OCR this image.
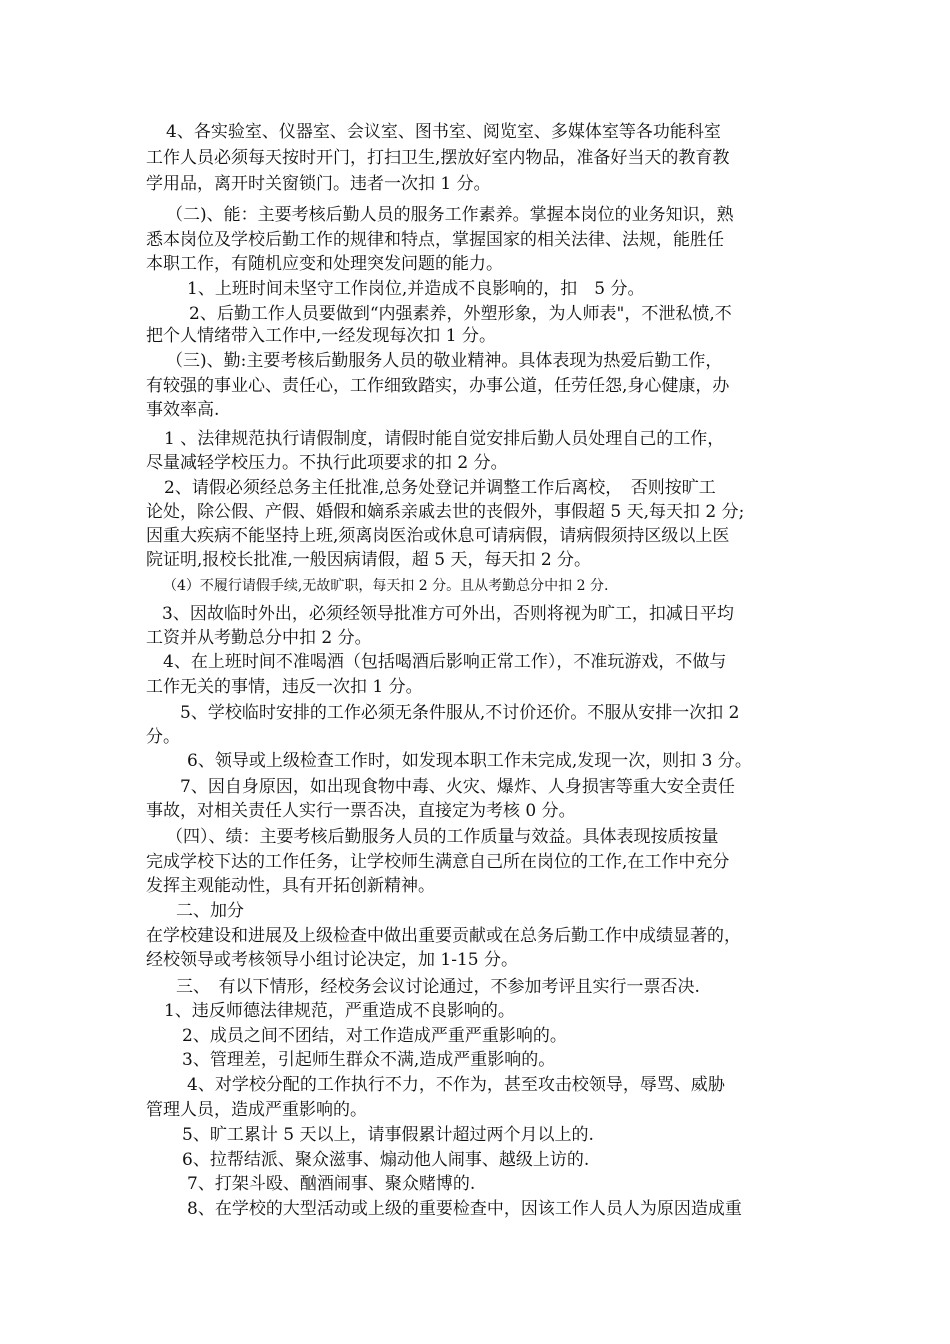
4、各实验室、仪器室、会议室、图书室、阅览室、多媒体室等各功能科室
工作人员必须每天按时开门，打扫卫生,摆放好室内物品，准备好当天的教育教
学用品，离开时关窗锁门。违者一次扣 1 分。
（二)、能：主要考核后勤人员的服务工作素养。掌握本岗位的业务知识，熟
悉本岗位及学校后勤工作的规律和特点，掌握国家的相关法律、法规，能胜任
本职工作，有随机应变和处理突发问题的能力。
1、上班时间未坚守工作岗位,并造成不良影响的，扣　5 分。
2、后勤工作人员要做到“内强素养，外塑形象，为人师表"，不泄私愤,不
把个人情绪带入工作中,一经发现每次扣 1 分。
（三)、勤:主要考核后勤服务人员的敬业精神。具体表现为热爱后勤工作，
有较强的事业心、责任心，工作细致踏实，办事公道，任劳任怨,身心健康，办
事效率高.
1 、法律规范执行请假制度，请假时能自觉安排后勤人员处理自己的工作，
尽量减轻学校压力。不执行此项要求的扣 2 分。
2、请假必须经总务主任批准,总务处登记并调整工作后离校，　否则按旷工
论处，除公假、产假、婚假和嫡系亲戚去世的丧假外，事假超 5 天,每天扣 2 分;
因重大疾病不能坚持上班,须离岗医治或休息可请病假，请病假须持区级以上医
院证明,报校长批准,一般因病请假，超 5 天，每天扣 2 分。
（4）不履行请假手续,无故旷职，每天扣 2 分。且从考勤总分中扣 2 分.
3、因故临时外出，必须经领导批准方可外出，否则将视为旷工，扣减日平均
工资并从考勤总分中扣 2 分。
4、在上班时间不准喝酒（包括喝酒后影响正常工作），不准玩游戏，不做与
工作无关的事情，违反一次扣 1 分。
5、学校临时安排的工作必须无条件服从,不讨价还价。不服从安排一次扣 2
分。
6、领导或上级检查工作时，如发现本职工作未完成,发现一次，则扣 3 分。
7、因自身原因，如出现食物中毒、火灾、爆炸、人身损害等重大安全责任
事故，对相关责任人实行一票否决，直接定为考核 0 分。
（四）、绩：主要考核后勤服务人员的工作质量与效益。具体表现按质按量
完成学校下达的工作任务，让学校师生满意自己所在岗位的工作,在工作中充分
发挥主观能动性，具有开拓创新精神。
二、加分
在学校建设和进展及上级检查中做出重要贡献或在总务后勤工作中成绩显著的，
经校领导或考核领导小组讨论决定，加 1-15 分。
三、　有以下情形，经校务会议讨论通过，不参加考评且实行一票否决.
1、违反师德法律规范，严重造成不良影响的。
2、成员之间不团结，对工作造成严重严重影响的。
3、管理差，引起师生群众不满,造成严重影响的。
4、对学校分配的工作执行不力，不作为，甚至攻击校领导，辱骂、威胁
管理人员，造成严重影响的。
5、旷工累计 5 天以上，请事假累计超过两个月以上的.
6、拉帮结派、聚众滋事、煽动他人闹事、越级上访的.
7、打架斗殴、酗酒闹事、聚众赌博的.
8、在学校的大型活动或上级的重要检查中，因该工作人员人为原因造成重
